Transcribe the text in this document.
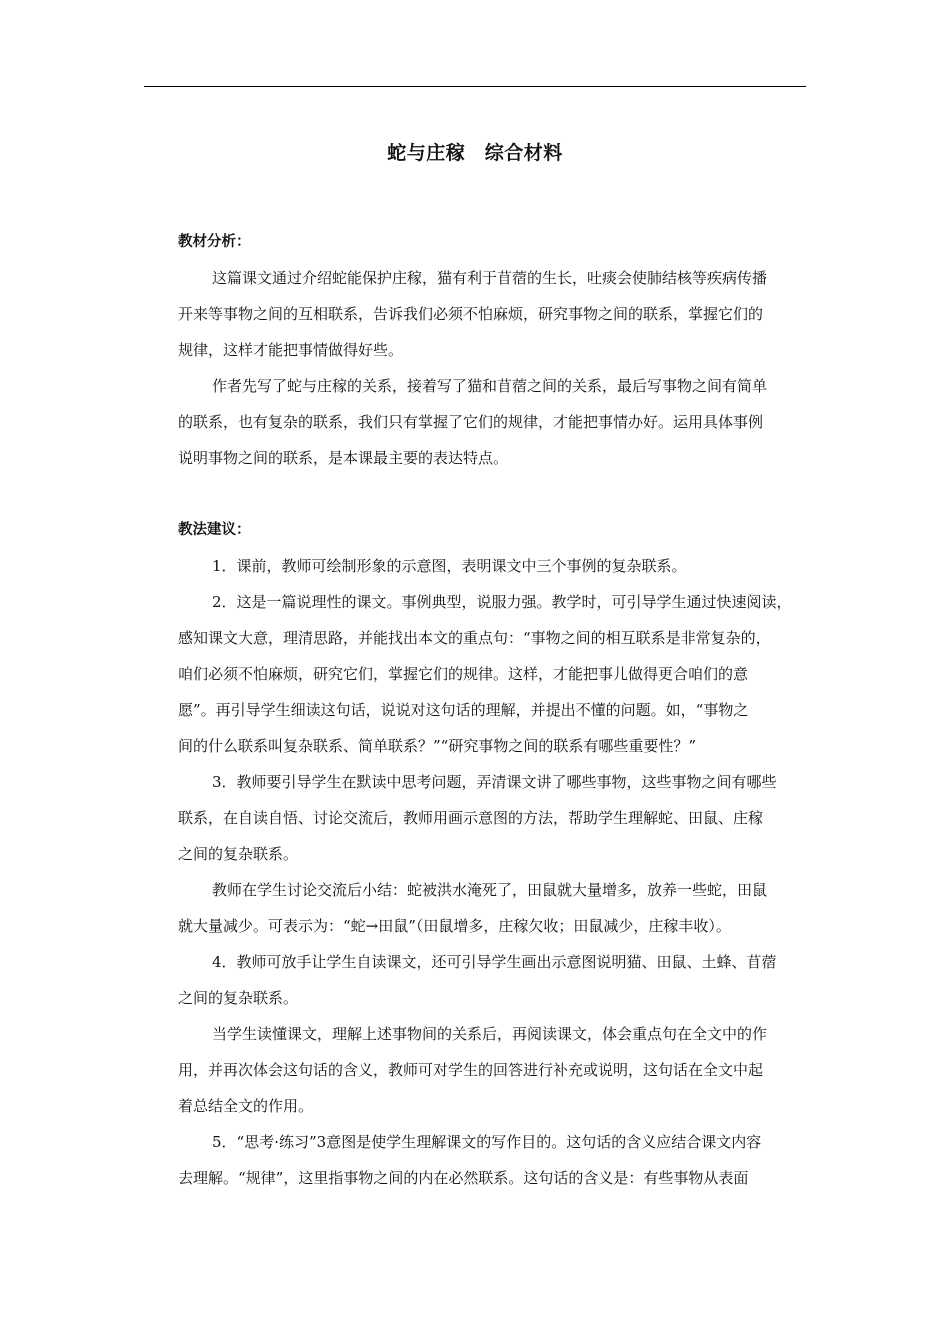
蛇与庄稼　综合材料
教材分析：
这篇课文通过介绍蛇能保护庄稼，猫有利于苜蓿的生长，吐痰会使肺结核等疾病传播
开来等事物之间的互相联系，告诉我们必须不怕麻烦，研究事物之间的联系，掌握它们的
规律，这样才能把事情做得好些。
作者先写了蛇与庄稼的关系，接着写了猫和苜蓿之间的关系，最后写事物之间有简单
的联系，也有复杂的联系，我们只有掌握了它们的规律，才能把事情办好。运用具体事例
说明事物之间的联系，是本课最主要的表达特点。
教法建议：
1．课前，教师可绘制形象的示意图，表明课文中三个事例的复杂联系。
2．这是一篇说理性的课文。事例典型，说服力强。教学时，可引导学生通过快速阅读，
感知课文大意，理清思路，并能找出本文的重点句：“事物之间的相互联系是非常复杂的，
咱们必须不怕麻烦，研究它们，掌握它们的规律。这样，才能把事儿做得更合咱们的意
愿”。再引导学生细读这句话，说说对这句话的理解，并提出不懂的问题。如，“事物之
间的什么联系叫复杂联系、简单联系？”“研究事物之间的联系有哪些重要性？”
3．教师要引导学生在默读中思考问题，弄清课文讲了哪些事物，这些事物之间有哪些
联系，在自读自悟、讨论交流后，教师用画示意图的方法，帮助学生理解蛇、田鼠、庄稼
之间的复杂联系。
教师在学生讨论交流后小结：蛇被洪水淹死了，田鼠就大量增多，放养一些蛇，田鼠
就大量减少。可表示为：“蛇→田鼠”（田鼠增多，庄稼欠收；田鼠减少，庄稼丰收）。
4．教师可放手让学生自读课文，还可引导学生画出示意图说明猫、田鼠、土蜂、苜蓿
之间的复杂联系。
当学生读懂课文，理解上述事物间的关系后，再阅读课文，体会重点句在全文中的作
用，并再次体会这句话的含义，教师可对学生的回答进行补充或说明，这句话在全文中起
着总结全文的作用。
5．“思考·练习”3意图是使学生理解课文的写作目的。这句话的含义应结合课文内容
去理解。“规律”，这里指事物之间的内在必然联系。这句话的含义是：有些事物从表面
